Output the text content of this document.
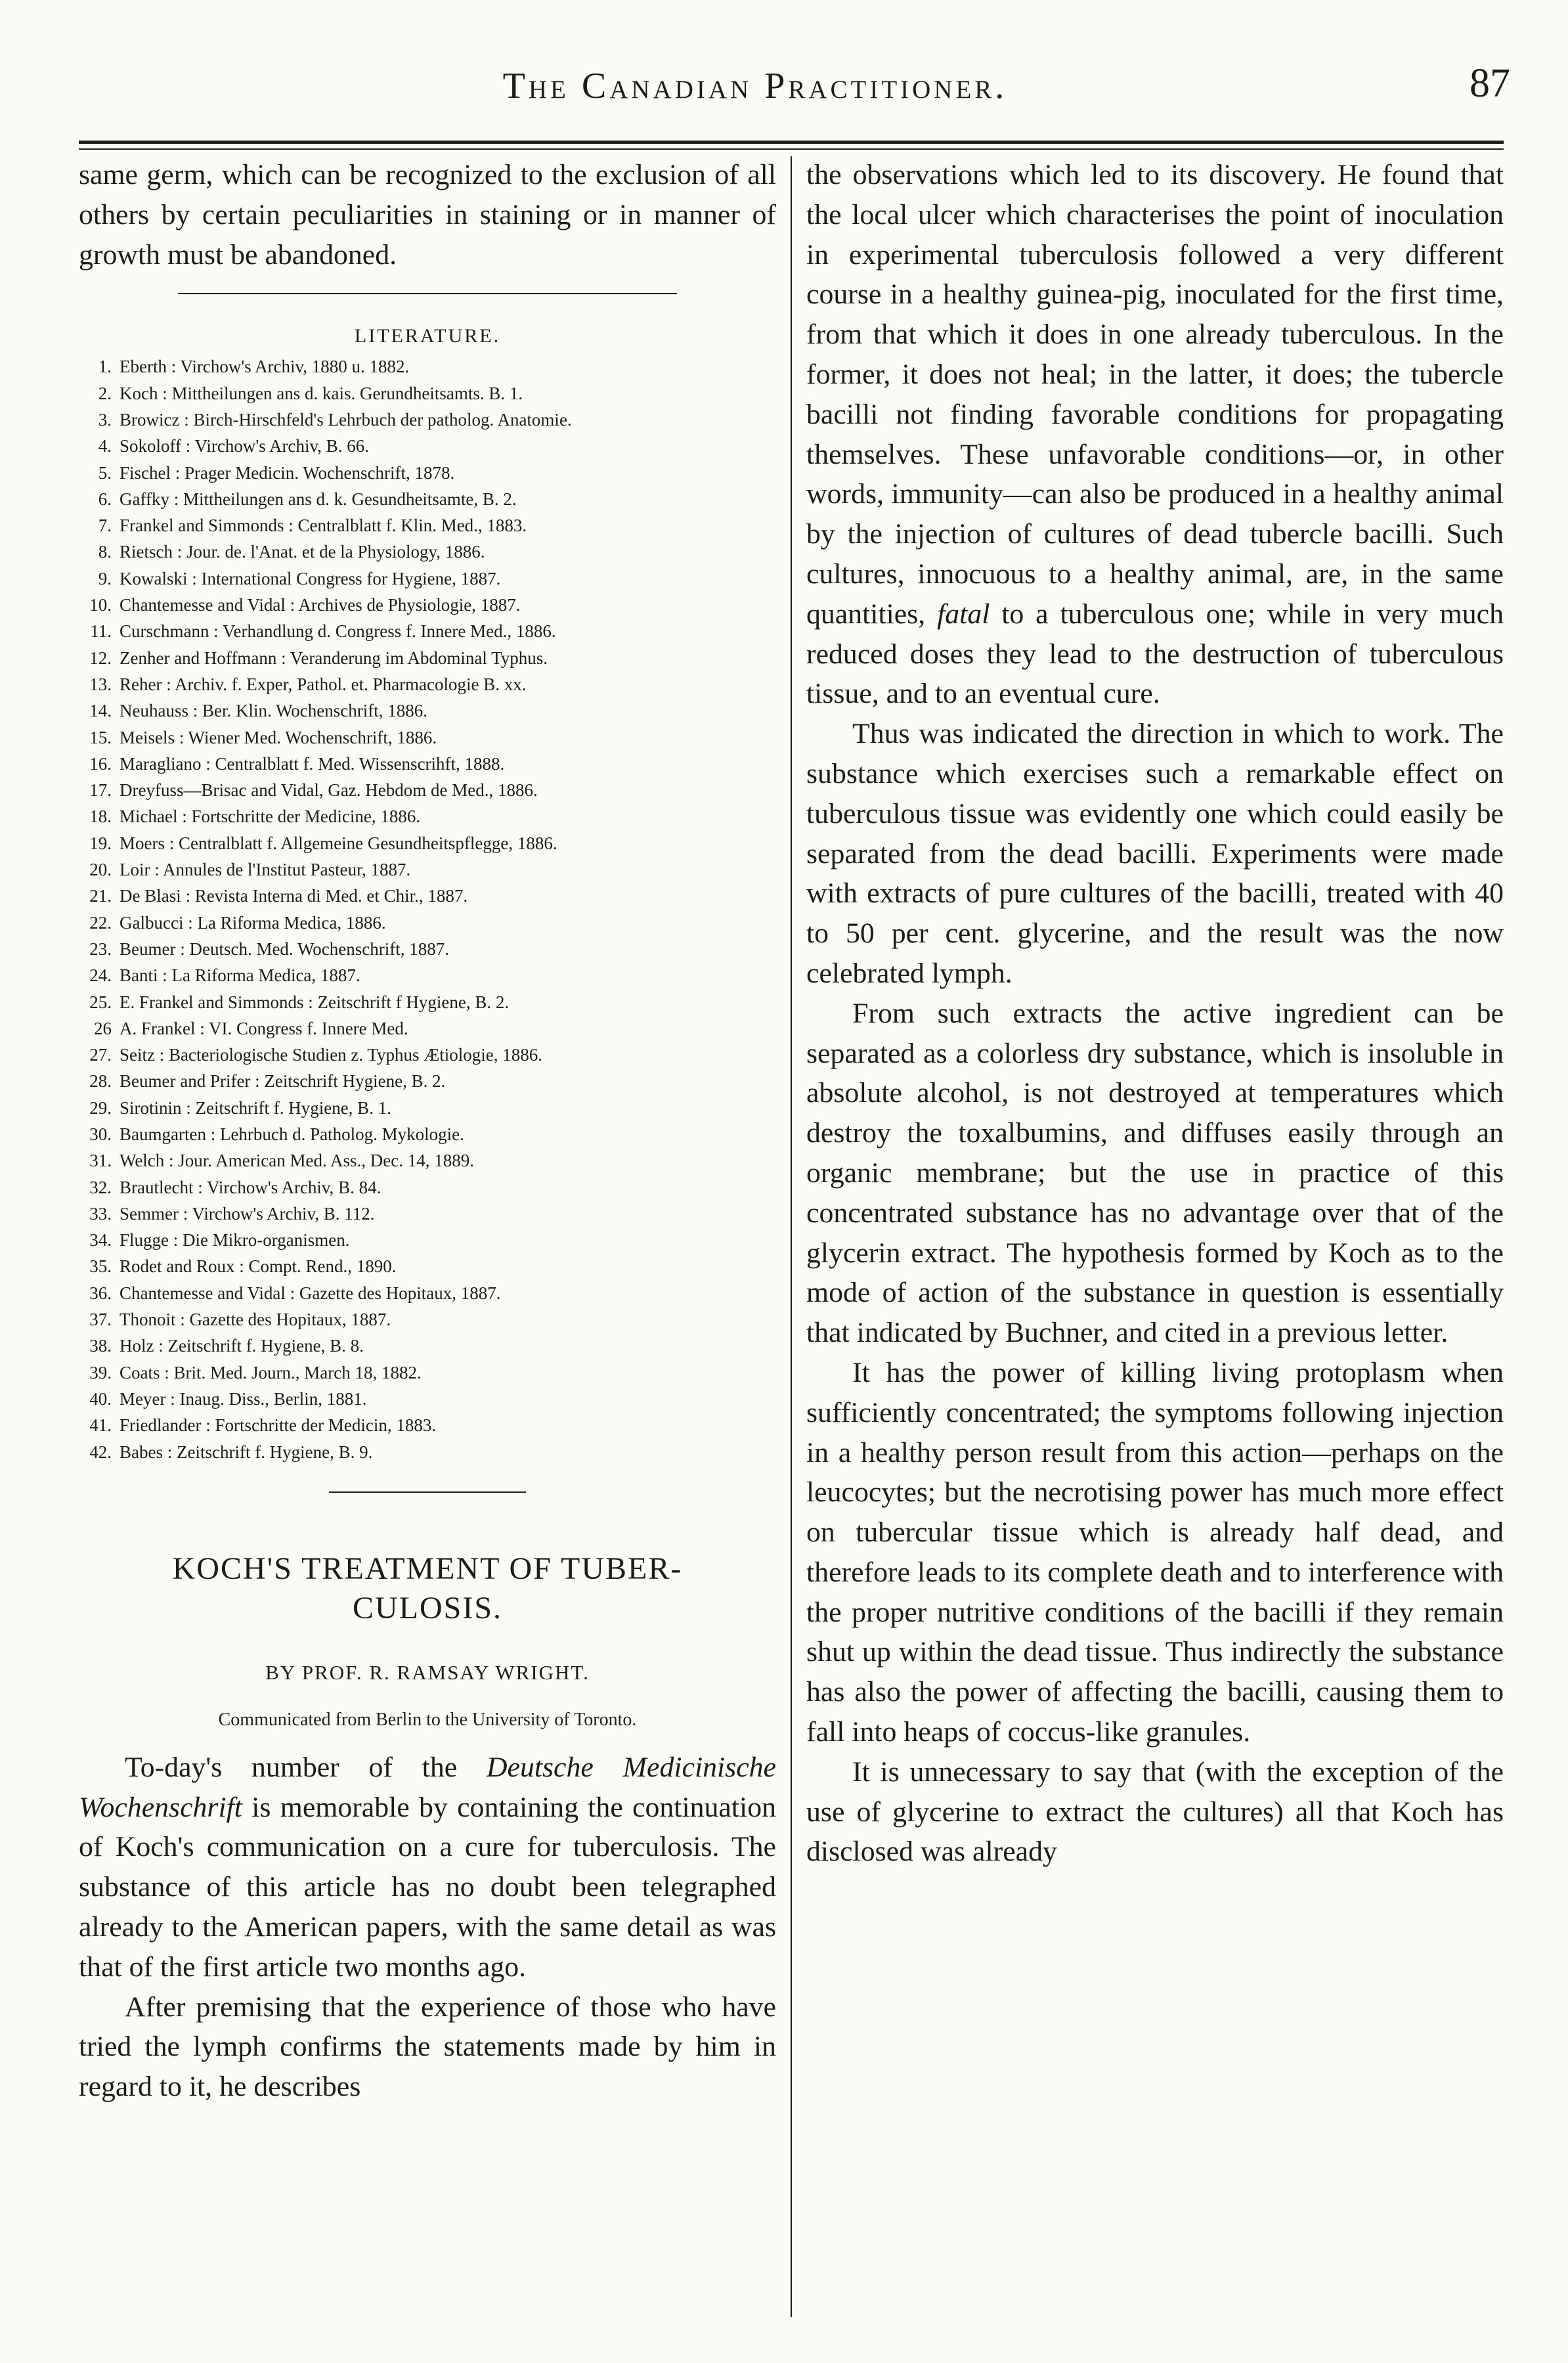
The Canadian Practitioner.	87

same germ, which can be recognized to the exclusion of all others by certain peculiarities in staining or in manner of growth must be abandoned.

LITERATURE.
1. Eberth : Virchow's Archiv, 1880 u. 1882.
2. Koch : Mittheilungen ans d. kais. Gerundheitsamts. B. 1.
3. Browicz : Birch-Hirschfeld's Lehrbuch der patholog. Anatomie.
4. Sokoloff : Virchow's Archiv, B. 66.
5. Fischel : Prager Medicin. Wochenschrift, 1878.
6. Gaffky : Mittheilungen ans d. k. Gesundheitsamte, B. 2.
7. Frankel and Simmonds : Centralblatt f. Klin. Med., 1883.
8. Rietsch : Jour. de. l'Anat. et de la Physiology, 1886.
9. Kowalski : International Congress for Hygiene, 1887.
10. Chantemesse and Vidal : Archives de Physiologie, 1887.
11. Curschmann : Verhandlung d. Congress f. Innere Med., 1886.
12. Zenher and Hoffmann : Veranderung im Abdominal Typhus.
13. Reher : Archiv. f. Exper, Pathol. et. Pharmacologie B. xx.
14. Neuhauss : Ber. Klin. Wochenschrift, 1886.
15. Meisels : Wiener Med. Wochenschrift, 1886.
16. Maragliano : Centralblatt f. Med. Wissenscrihft, 1888.
17. Dreyfuss—Brisac and Vidal, Gaz. Hebdom de Med., 1886.
18. Michael : Fortschritte der Medicine, 1886.
19. Moers : Centralblatt f. Allgemeine Gesundheitspflegge, 1886.
20. Loir : Annules de l'Institut Pasteur, 1887.
21. De Blasi : Revista Interna di Med. et Chir., 1887.
22. Galbucci : La Riforma Medica, 1886.
23. Beumer : Deutsch. Med. Wochenschrift, 1887.
24. Banti : La Riforma Medica, 1887.
25. E. Frankel and Simmonds : Zeitschrift f Hygiene, B. 2.
26 A. Frankel : VI. Congress f. Innere Med.
27. Seitz : Bacteriologische Studien z. Typhus Ætiologie, 1886.
28. Beumer and Prifer : Zeitschrift Hygiene, B. 2.
29. Sirotinin : Zeitschrift f. Hygiene, B. 1.
30. Baumgarten : Lehrbuch d. Patholog. Mykologie.
31. Welch : Jour. American Med. Ass., Dec. 14, 1889.
32. Brautlecht : Virchow's Archiv, B. 84.
33. Semmer : Virchow's Archiv, B. 112.
34. Flugge : Die Mikro-organismen.
35. Rodet and Roux : Compt. Rend., 1890.
36. Chantemesse and Vidal : Gazette des Hopitaux, 1887.
37. Thonoit : Gazette des Hopitaux, 1887.
38. Holz : Zeitschrift f. Hygiene, B. 8.
39. Coats : Brit. Med. Journ., March 18, 1882.
40. Meyer : Inaug. Diss., Berlin, 1881.
41. Friedlander : Fortschritte der Medicin, 1883.
42. Babes : Zeitschrift f. Hygiene, B. 9.
KOCH'S TREATMENT OF TUBER-
CULOSIS.
BY PROF. R. RAMSAY WRIGHT.
Communicated from Berlin to the University of Toronto.

To-day's number of the Deutsche Medicinische Wochenschrift is memorable by containing the continuation of Koch's communication on a cure for tuberculosis. The substance of this article has no doubt been telegraphed already to the American papers, with the same detail as was that of the first article two months ago.

After premising that the experience of those who have tried the lymph confirms the statements made by him in regard to it, he describes

the observations which led to its discovery. He found that the local ulcer which characterises the point of inoculation in experimental tuberculosis followed a very different course in a healthy guinea-pig, inoculated for the first time, from that which it does in one already tuberculous. In the former, it does not heal; in the latter, it does; the tubercle bacilli not finding favorable conditions for propagating themselves. These unfavorable conditions—or, in other words, immunity—can also be produced in a healthy animal by the injection of cultures of dead tubercle bacilli. Such cultures, innocuous to a healthy animal, are, in the same quantities, fatal to a tuberculous one; while in very much reduced doses they lead to the destruction of tuberculous tissue, and to an eventual cure.

Thus was indicated the direction in which to work. The substance which exercises such a remarkable effect on tuberculous tissue was evidently one which could easily be separated from the dead bacilli. Experiments were made with extracts of pure cultures of the bacilli, treated with 40 to 50 per cent. glycerine, and the result was the now celebrated lymph.

From such extracts the active ingredient can be separated as a colorless dry substance, which is insoluble in absolute alcohol, is not destroyed at temperatures which destroy the toxalbumins, and diffuses easily through an organic membrane; but the use in practice of this concentrated substance has no advantage over that of the glycerin extract. The hypothesis formed by Koch as to the mode of action of the substance in question is essentially that indicated by Buchner, and cited in a previous letter.

It has the power of killing living protoplasm when sufficiently concentrated; the symptoms following injection in a healthy person result from this action—perhaps on the leucocytes; but the necrotising power has much more effect on tubercular tissue which is already half dead, and therefore leads to its complete death and to interference with the proper nutritive conditions of the bacilli if they remain shut up within the dead tissue. Thus indirectly the substance has also the power of affecting the bacilli, causing them to fall into heaps of coccus-like granules.

It is unnecessary to say that (with the exception of the use of glycerine to extract the cultures) all that Koch has disclosed was already
